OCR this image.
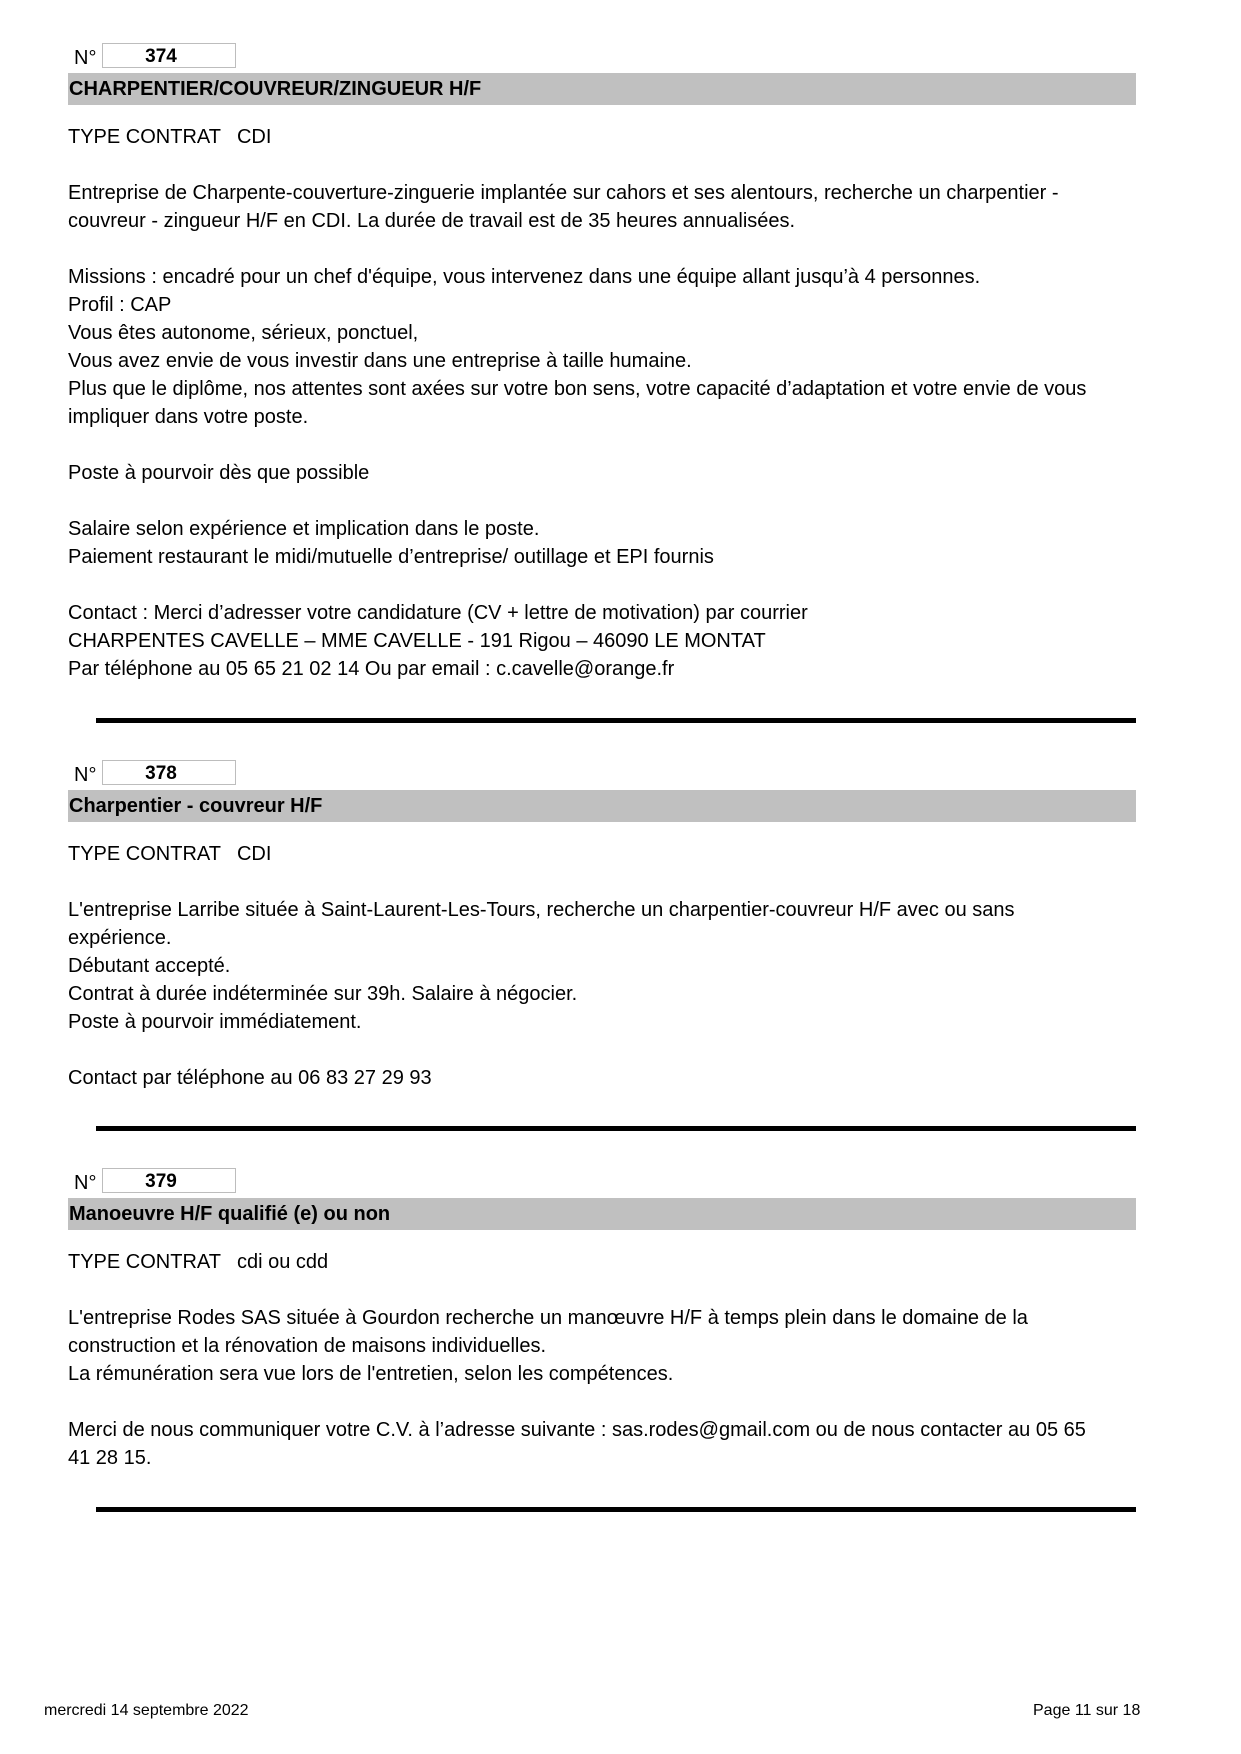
N°	374
CHARPENTIER/COUVREUR/ZINGUEUR H/F
TYPE CONTRAT CDI
Entreprise de Charpente-couverture-zinguerie implantée sur cahors et ses alentours, recherche un charpentier -
couvreur - zingueur H/F en CDI. La durée de travail est de 35 heures annualisées.
Missions : encadré pour un chef d'équipe, vous intervenez dans une équipe allant jusqu’à 4 personnes.
Profil : CAP
Vous êtes autonome, sérieux, ponctuel,
Vous avez envie de vous investir dans une entreprise à taille humaine.
Plus que le diplôme, nos attentes sont axées sur votre bon sens, votre capacité d’adaptation et votre envie de vous
impliquer dans votre poste.
Poste à pourvoir dès que possible
Salaire selon expérience et implication dans le poste.
Paiement restaurant le midi/mutuelle d’entreprise/ outillage et EPI fournis
Contact : Merci d’adresser votre candidature (CV + lettre de motivation) par courrier
CHARPENTES CAVELLE – MME CAVELLE - 191 Rigou – 46090 LE MONTAT
Par téléphone au 05 65 21 02 14 Ou par email : c.cavelle@orange.fr
N°	378
Charpentier - couvreur H/F
TYPE CONTRAT CDI
L'entreprise Larribe située à Saint-Laurent-Les-Tours, recherche un charpentier-couvreur H/F avec ou sans
expérience.
Débutant accepté.
Contrat à durée indéterminée sur 39h. Salaire à négocier.
Poste à pourvoir immédiatement.
Contact par téléphone au 06 83 27 29 93
N°	379
Manoeuvre H/F qualifié (e) ou non
TYPE CONTRAT cdi ou cdd
L'entreprise Rodes SAS située à Gourdon recherche un manœuvre H/F à temps plein dans le domaine de la
construction et la rénovation de maisons individuelles.
La rémunération sera vue lors de l'entretien, selon les compétences.
Merci de nous communiquer votre C.V. à l’adresse suivante : sas.rodes@gmail.com ou de nous contacter au 05 65
41 28 15.
mercredi 14 septembre 2022	Page 11 sur 18
